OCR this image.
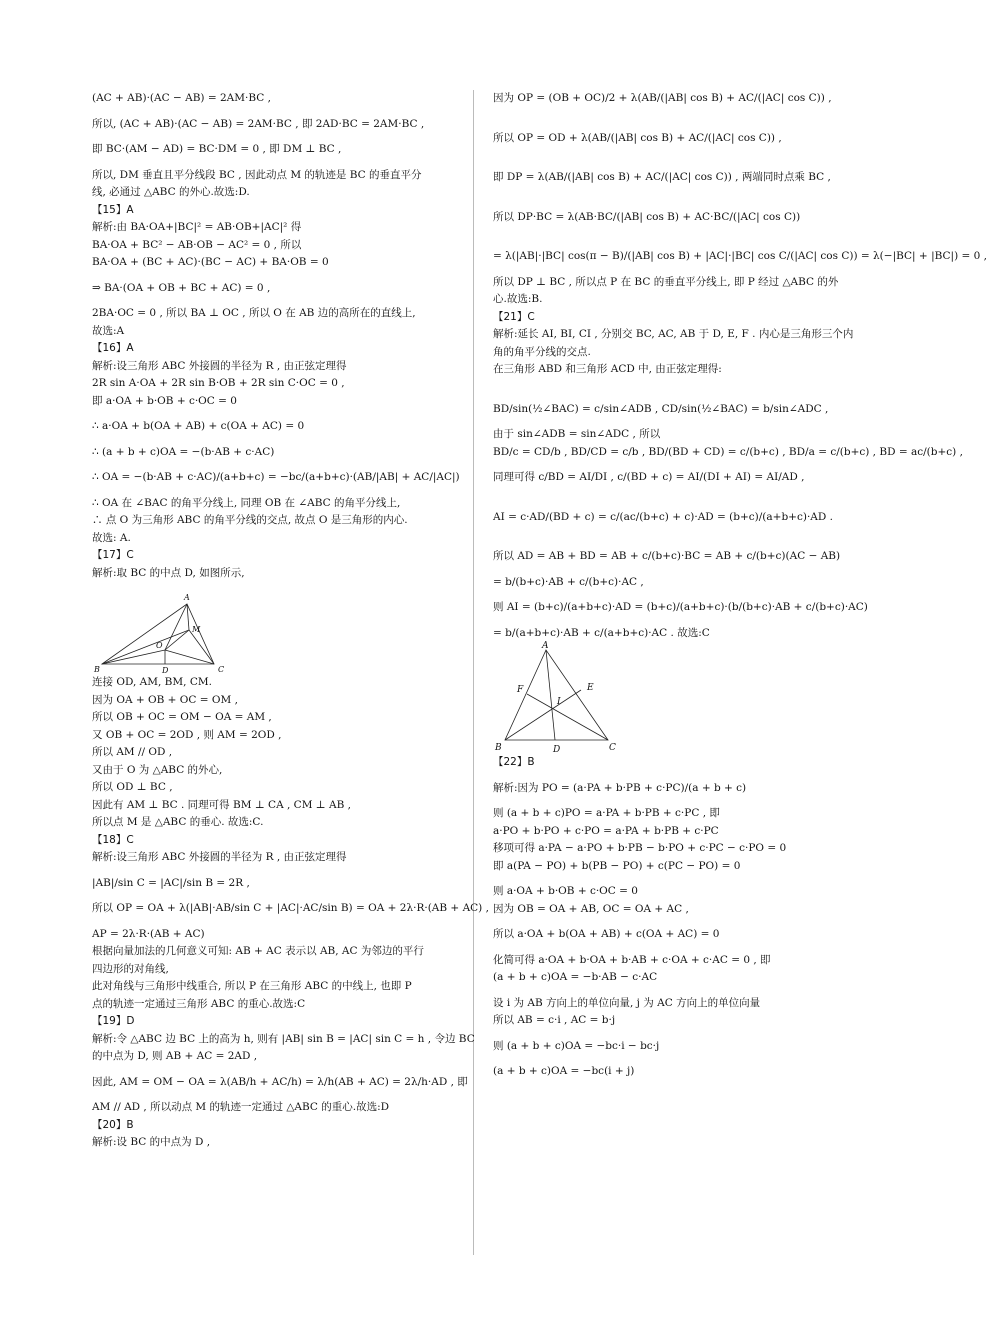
(AC + AB)·(AC − AB) = 2AM·BC ,
所以, (AC + AB)·(AC − AB) = 2AM·BC , 即 2AD·BC = 2AM·BC ,
即 BC·(AM − AD) = BC·DM = 0 , 即 DM ⊥ BC ,
所以, DM 垂直且平分线段 BC , 因此动点 M 的轨迹是 BC 的垂直平分
线, 必通过 △ABC 的外心.故选:D.
【15】A
解析:由 BA·OA+|BC|² = AB·OB+|AC|² 得
BA·OA + BC² − AB·OB − AC² = 0 , 所以
BA·OA + (BC + AC)·(BC − AC) + BA·OB = 0
⇒ BA·(OA + OB + BC + AC) = 0 ,
2BA·OC = 0 , 所以 BA ⊥ OC , 所以 O 在 AB 边的高所在的直线上,
故选:A
【16】A
解析:设三角形 ABC 外接圆的半径为 R , 由正弦定理得
2R sin A·OA + 2R sin B·OB + 2R sin C·OC = 0 ,
即 a·OA + b·OB + c·OC = 0
∴ a·OA + b(OA + AB) + c(OA + AC) = 0
∴ (a + b + c)OA = −(b·AB + c·AC)
∴ OA = −(b·AB + c·AC)/(a+b+c) = −bc/(a+b+c)·(AB/|AB| + AC/|AC|)
∴ OA 在 ∠BAC 的角平分线上, 同理 OB 在 ∠ABC 的角平分线上,
∴ 点 O 为三角形 ABC 的角平分线的交点, 故点 O 是三角形的内心.
故选: A.
【17】C
解析:取 BC 的中点 D, 如图所示,
A
B	C
D
M
O
连接 OD, AM, BM, CM.
因为 OA + OB + OC = OM ,
所以 OB + OC = OM − OA = AM ,
又 OB + OC = 2OD , 则 AM = 2OD ,
所以 AM // OD ,
又由于 O 为 △ABC 的外心,
所以 OD ⊥ BC ,
因此有 AM ⊥ BC . 同理可得 BM ⊥ CA , CM ⊥ AB ,
所以点 M 是 △ABC 的垂心. 故选:C.
【18】C
解析:设三角形 ABC 外接圆的半径为 R , 由正弦定理得
|AB|/sin C = |AC|/sin B = 2R ,
所以 OP = OA + λ(|AB|·AB/sin C + |AC|·AC/sin B) = OA + 2λ·R·(AB + AC) ,
AP = 2λ·R·(AB + AC)
根据向量加法的几何意义可知: AB + AC 表示以 AB, AC 为邻边的平行
四边形的对角线,
此对角线与三角形中线重合, 所以 P 在三角形 ABC 的中线上, 也即 P
点的轨迹一定通过三角形 ABC 的重心.故选:C
【19】D
解析:令 △ABC 边 BC 上的高为 h, 则有 |AB| sin B = |AC| sin C = h , 令边 BC
的中点为 D, 则 AB + AC = 2AD ,
因此, AM = OM − OA = λ(AB/h + AC/h) = λ/h(AB + AC) = 2λ/h·AD , 即
AM // AD , 所以动点 M 的轨迹一定通过 △ABC 的重心.故选:D
【20】B
解析:设 BC 的中点为 D ,
因为 OP = (OB + OC)/2 + λ(AB/(|AB| cos B) + AC/(|AC| cos C)) ,
所以 OP = OD + λ(AB/(|AB| cos B) + AC/(|AC| cos C)) ,
即 DP = λ(AB/(|AB| cos B) + AC/(|AC| cos C)) , 两端同时点乘 BC ,
所以 DP·BC = λ(AB·BC/(|AB| cos B) + AC·BC/(|AC| cos C))
= λ(|AB|·|BC| cos(π − B)/(|AB| cos B) + |AC|·|BC| cos C/(|AC| cos C)) = λ(−|BC| + |BC|) = 0 ,
所以 DP ⊥ BC , 所以点 P 在 BC 的垂直平分线上, 即 P 经过 △ABC 的外
心.故选:B.
【21】C
解析:延长 AI, BI, CI , 分别交 BC, AC, AB 于 D, E, F . 内心是三角形三个内
角的角平分线的交点.
在三角形 ABD 和三角形 ACD 中, 由正弦定理得:
BD/sin(½∠BAC) = c/sin∠ADB , CD/sin(½∠BAC) = b/sin∠ADC ,
由于 sin∠ADB = sin∠ADC , 所以
BD/c = CD/b , BD/CD = c/b , BD/(BD + CD) = c/(b+c) , BD/a = c/(b+c) , BD = ac/(b+c) ,
同理可得 c/BD = AI/DI , c/(BD + c) = AI/(DI + AI) = AI/AD ,
AI = c·AD/(BD + c) = c/(ac/(b+c) + c)·AD = (b+c)/(a+b+c)·AD .
所以 AD = AB + BD = AB + c/(b+c)·BC = AB + c/(b+c)(AC − AB)
= b/(b+c)·AB + c/(b+c)·AC ,
则 AI = (b+c)/(a+b+c)·AD = (b+c)/(a+b+c)·(b/(b+c)·AB + c/(b+c)·AC)
= b/(a+b+c)·AB + c/(a+b+c)·AC . 故选:C
A
B	C
D
E
F
I
【22】B
解析:因为 PO = (a·PA + b·PB + c·PC)/(a + b + c)
则 (a + b + c)PO = a·PA + b·PB + c·PC , 即
a·PO + b·PO + c·PO = a·PA + b·PB + c·PC
移项可得 a·PA − a·PO + b·PB − b·PO + c·PC − c·PO = 0
即 a(PA − PO) + b(PB − PO) + c(PC − PO) = 0
则 a·OA + b·OB + c·OC = 0
因为 OB = OA + AB, OC = OA + AC ,
所以 a·OA + b(OA + AB) + c(OA + AC) = 0
化简可得 a·OA + b·OA + b·AB + c·OA + c·AC = 0 , 即
(a + b + c)OA = −b·AB − c·AC
设 i 为 AB 方向上的单位向量, j 为 AC 方向上的单位向量
所以 AB = c·i , AC = b·j
则 (a + b + c)OA = −bc·i − bc·j
(a + b + c)OA = −bc(i + j)
